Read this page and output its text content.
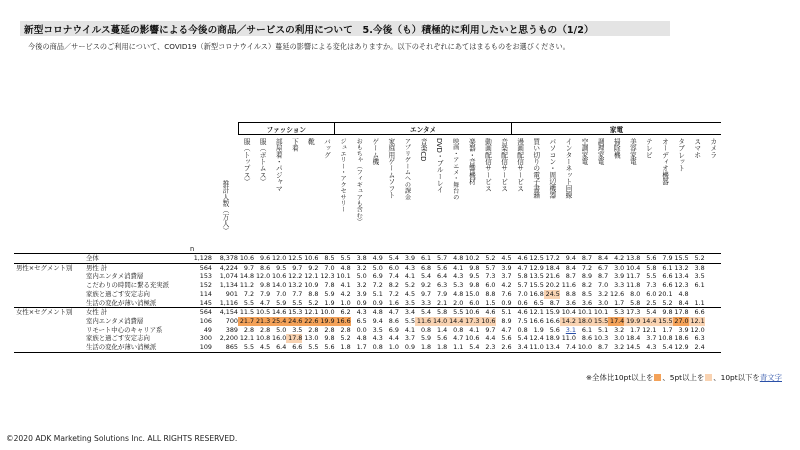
新型コロナウイルス蔓延の影響による今後の商品／サービスの利用について　5.今後（も）積極的に利用したいと思うもの（1/2）
今後の商品／サービスのご利用について、COVID19（新型コロナウイルス）蔓延の影響による変化はありますか。以下のそれぞれにあてはまるものをお選びください。
				ファッション						エンタメ											家電												
		n	推計人数（万人）	服（トップス）	服（ボトムス）	部屋着・パジャマ	下着	靴	バッグ	ジュエリー・アクセサリー	おもちゃ（フィギュアも含む）	ゲーム機	家庭用ゲームソフト	アプリゲームへの課金	音楽CD	DVD・ブルーレイ	映画・アニメ・舞台の	楽器・音響機材	動画配信サービス	音楽配信サービス	漫画配信サービス	買い切りの電子書籍	パソコン・周辺機器	インターネット回線	空調家電	調理家電	掃除機	美容家電	テレビ	オーディオ機器	タブレット	スマホ	カメラ

	全体	1,128	8,378	10.6	9.6	12.0	12.5	10.6	8.5	5.5	3.8	4.9	5.4	3.9	6.1	5.7	4.8	10.2	5.2	4.5	4.6	12.5	17.2	9.4	8.7	8.4	4.2	13.8	5.6	7.9	15.5	5.2	
男性×セグメント別	男性 計	564	4,224	9.7	8.6	9.5	9.7	9.2	7.0	4.8	3.2	5.0	6.0	4.3	6.8	5.6	4.1	9.8	5.7	3.9	4.7	12.9	18.4	8.4	7.2	6.7	3.0	10.4	5.8	6.1	13.2	3.8	
	室内エンタメ消費層	153	1,074	14.8	12.0	10.6	12.2	12.1	12.3	10.1	5.0	6.9	7.4	4.1	5.4	6.4	4.3	9.5	7.3	3.7	5.8	13.5	21.6	8.7	8.9	8.7	3.9	11.7	5.5	6.6	13.4	3.5	
	こだわりの時間に繋る充実派	152	1,134	11.2	9.8	14.0	13.2	10.9	7.8	4.1	3.2	7.2	8.2	5.2	9.2	6.3	5.3	9.8	6.0	4.2	5.7	15.5	20.2	11.6	8.2	7.0	3.3	11.8	7.3	6.6	12.3	6.1	
	家族と過ごす安定志向	114	901	7.2	7.9	7.0	7.7	8.8	5.9	4.2	3.9	5.1	7.2	4.5	9.7	7.9	4.8	15.0	8.8	7.6	7.0	16.8	24.5	8.8	8.5	3.2	12.6	8.0	6.0	20.1	4.8		
	生活の変化が薄い消極派	145	1,116	5.5	4.7	5.9	5.5	5.2	1.9	1.0	0.9	0.9	1.6	3.5	3.3	2.1	2.0	6.0	1.5	0.9	0.6	6.5	8.7	3.6	3.6	3.0	1.7	5.8	2.5	5.2	8.4	1.1	
女性×セグメント別	女性 計	564	4,154	11.5	10.5	14.6	15.3	12.1	10.0	6.2	4.3	4.8	4.7	3.4	5.4	5.8	5.5	10.6	4.6	5.1	4.6	12.1	15.9	10.4	10.1	10.1	5.3	17.3	5.4	9.8	17.8	6.6	
	室内エンタメ消費層	106	700	21.7	21.3	25.4	24.6	22.6	19.9	16.6	6.5	9.4	8.6	5.5	11.6	14.0	14.4	17.3	10.6	8.9	7.5	16.6	16.6	14.2	18.0	15.5	17.4	19.9	14.4	15.5	27.0	12.1	
	リモート中心のキャリア系	49	389	2.8	2.8	5.0	3.5	2.8	2.8	2.8	0.0	3.5	6.9	4.1	0.8	1.4	0.8	4.1	9.7	4.7	0.8	1.9	5.6	3.1	6.1	5.1	3.2	1.7	12.1	1.7	3.9	12.0	
	家族と過ごす安定志向	300	2,200	12.1	10.8	16.0	17.8	13.0	9.8	5.2	4.8	4.3	4.4	3.7	5.9	5.6	4.7	10.6	4.4	5.6	5.4	12.4	18.9	11.0	8.6	10.3	3.0	18.4	3.7	10.8	18.6	6.3	
	生活の変化が薄い消極派	109	865	5.5	4.5	6.4	6.6	5.5	5.6	1.8	1.7	0.8	1.0	0.9	1.8	1.8	1.1	5.4	2.3	2.6	3.4	11.0	13.4	7.4	10.0	8.7	3.2	14.5	4.3	5.4	12.9	2.4	
※全体比10pt以上を 、5pt以上を 、10pt以下を青文字
©2020 ADK Marketing Solutions Inc. ALL RIGHTS RESERVED.
